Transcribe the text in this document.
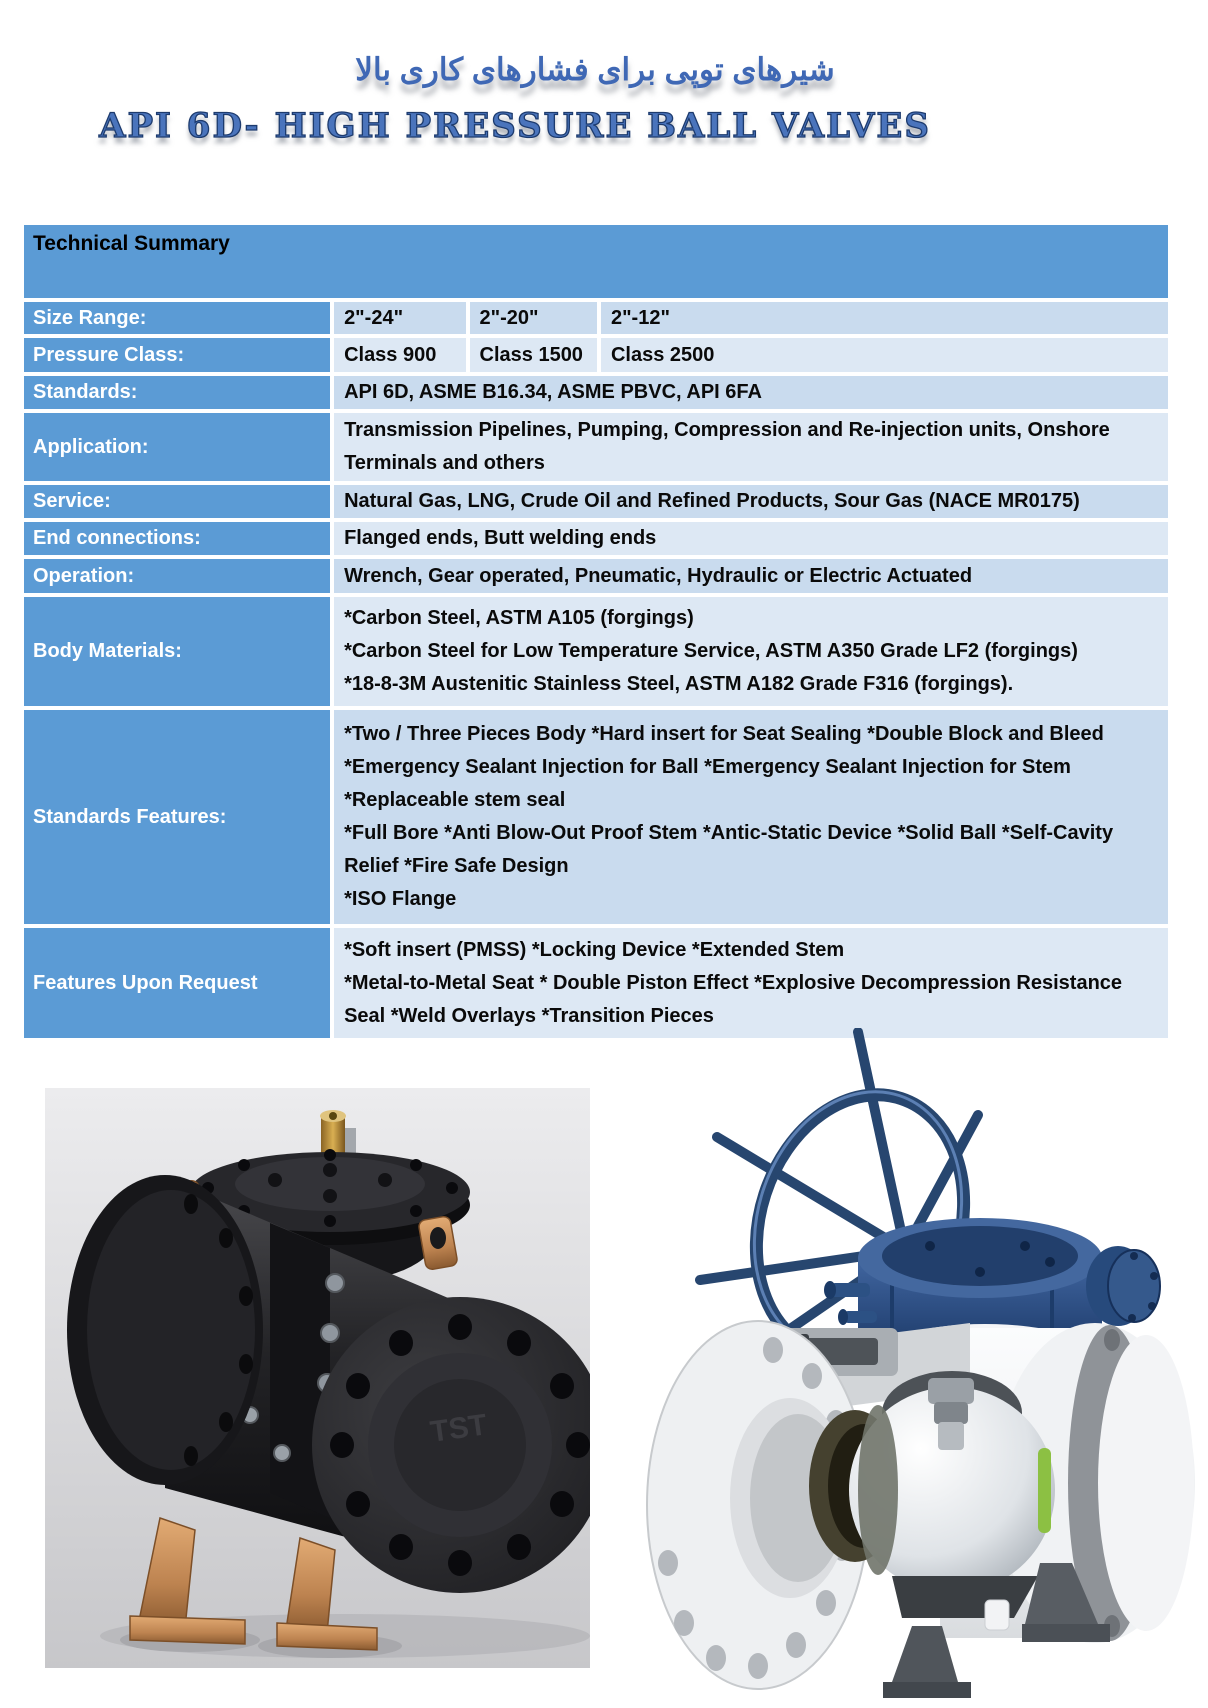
شیرهای توپی برای فشارهای کاری بالا
API 6D- HIGH PRESSURE BALL VALVES
Technical Summary			
Size Range:	2"-24"	2"-20"	2"-12"
Pressure Class:	Class 900	Class 1500	Class 2500
Standards:	API 6D, ASME B16.34, ASME PBVC, API 6FA		
Application:	Transmission Pipelines, Pumping, Compression and Re-injection units, Onshore Terminals and others		
Service:	Natural Gas, LNG, Crude Oil and Refined Products, Sour Gas (NACE MR0175)		
End connections:	Flanged ends, Butt welding ends		
Operation:	Wrench, Gear operated, Pneumatic, Hydraulic or Electric Actuated		
Body Materials:	*Carbon Steel, ASTM A105 (forgings)

*Carbon Steel for Low Temperature Service, ASTM A350 Grade LF2 (forgings)

*18-8-3M Austenitic Stainless Steel, ASTM A182 Grade F316 (forgings).		

Standards Features:	*Two / Three Pieces Body *Hard insert for Seat Sealing *Double Block and Bleed *Emergency Sealant Injection for Ball *Emergency Sealant Injection for Stem *Replaceable stem seal

*Full Bore *Anti Blow-Out Proof Stem *Antic-Static Device *Solid Ball *Self-Cavity Relief *Fire Safe Design

*ISO Flange		

Features Upon Request	*Soft insert (PMSS) *Locking Device *Extended Stem

*Metal-to-Metal Seat * Double Piston Effect *Explosive Decompression Resistance Seal *Weld Overlays *Transition Pieces		

TST
